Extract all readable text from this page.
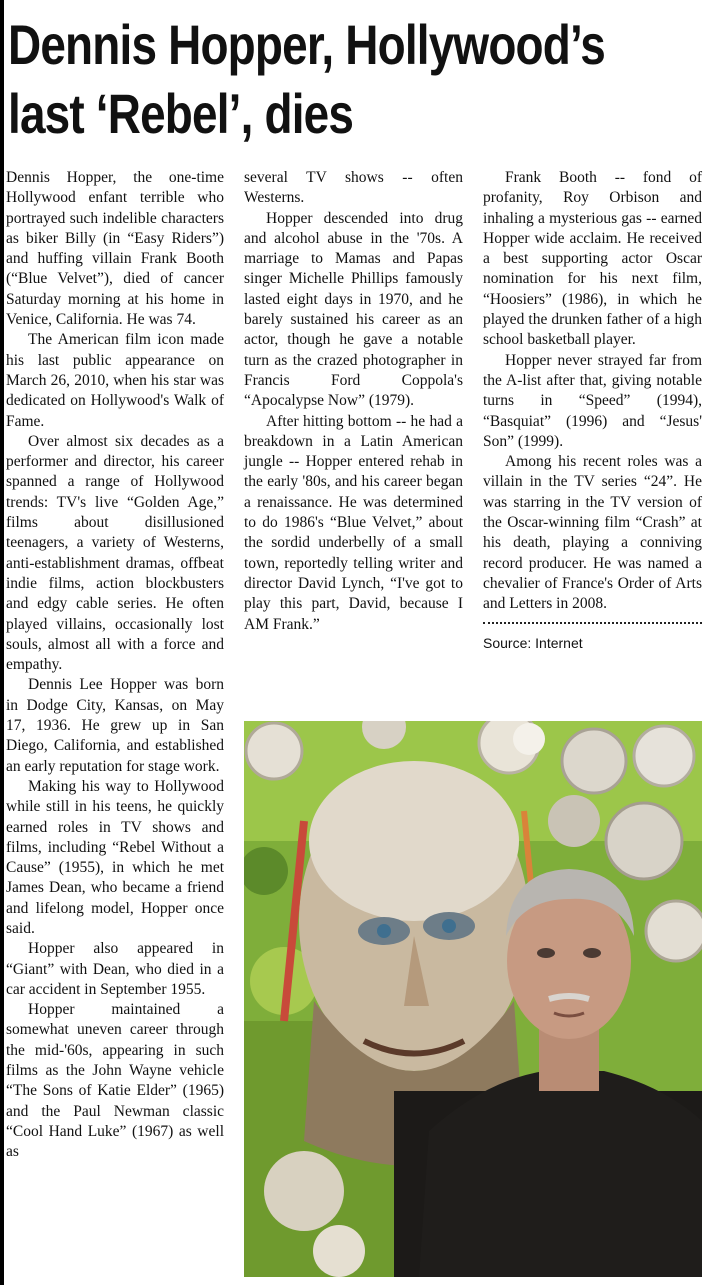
Dennis Hopper, Hollywood’s
last ‘Rebel’, dies

Dennis Hopper, the one-time Hollywood enfant terrible who portrayed such indelible characters as biker Billy (in “Easy Riders”) and huffing villain Frank Booth (“Blue Velvet”), died of cancer Saturday morning at his home in Venice, California. He was 74.

The American film icon made his last public appearance on March 26, 2010, when his star was dedicated on Hollywood's Walk of Fame.

Over almost six decades as a performer and director, his career spanned a range of Hollywood trends: TV's live “Golden Age,” films about disillusioned teenagers, a variety of Westerns, anti-establishment dramas, offbeat indie films, action blockbusters and edgy cable series. He often played villains, occasionally lost souls, almost all with a force and empathy.

Dennis Lee Hopper was born in Dodge City, Kansas, on May 17, 1936. He grew up in San Diego, California, and established an early reputation for stage work.

Making his way to Hollywood while still in his teens, he quickly earned roles in TV shows and films, including “Rebel Without a Cause” (1955), in which he met James Dean, who became a friend and lifelong model, Hopper once said.

Hopper also appeared in “Giant” with Dean, who died in a car accident in September 1955.

Hopper maintained a somewhat uneven career through the mid-'60s, appearing in such films as the John Wayne vehicle “The Sons of Katie Elder” (1965) and the Paul Newman classic “Cool Hand Luke” (1967) as well as

several TV shows -- often Westerns.

Hopper descended into drug and alcohol abuse in the '70s. A marriage to Mamas and Papas singer Michelle Phillips famously lasted eight days in 1970, and he barely sustained his career as an actor, though he gave a notable turn as the crazed photographer in Francis Ford Coppola's “Apocalypse Now” (1979).

After hitting bottom -- he had a breakdown in a Latin American jungle -- Hopper entered rehab in the early '80s, and his career began a renaissance. He was determined to do 1986's “Blue Velvet,” about the sordid underbelly of a small town, reportedly telling writer and director David Lynch, “I've got to play this part, David, because I AM Frank.”

Frank Booth -- fond of profanity, Roy Orbison and inhaling a mysterious gas -- earned Hopper wide acclaim. He received a best supporting actor Oscar nomination for his next film, “Hoosiers” (1986), in which he played the drunken father of a high school basketball player.

Hopper never strayed far from the A-list after that, giving notable turns in “Speed” (1994), “Basquiat” (1996) and “Jesus' Son” (1999).

Among his recent roles was a villain in the TV series “24”. He was starring in the TV version of the Oscar-winning film “Crash” at his death, playing a conniving record producer. He was named a chevalier of France's Order of Arts and Letters in 2008.

Source: Internet
